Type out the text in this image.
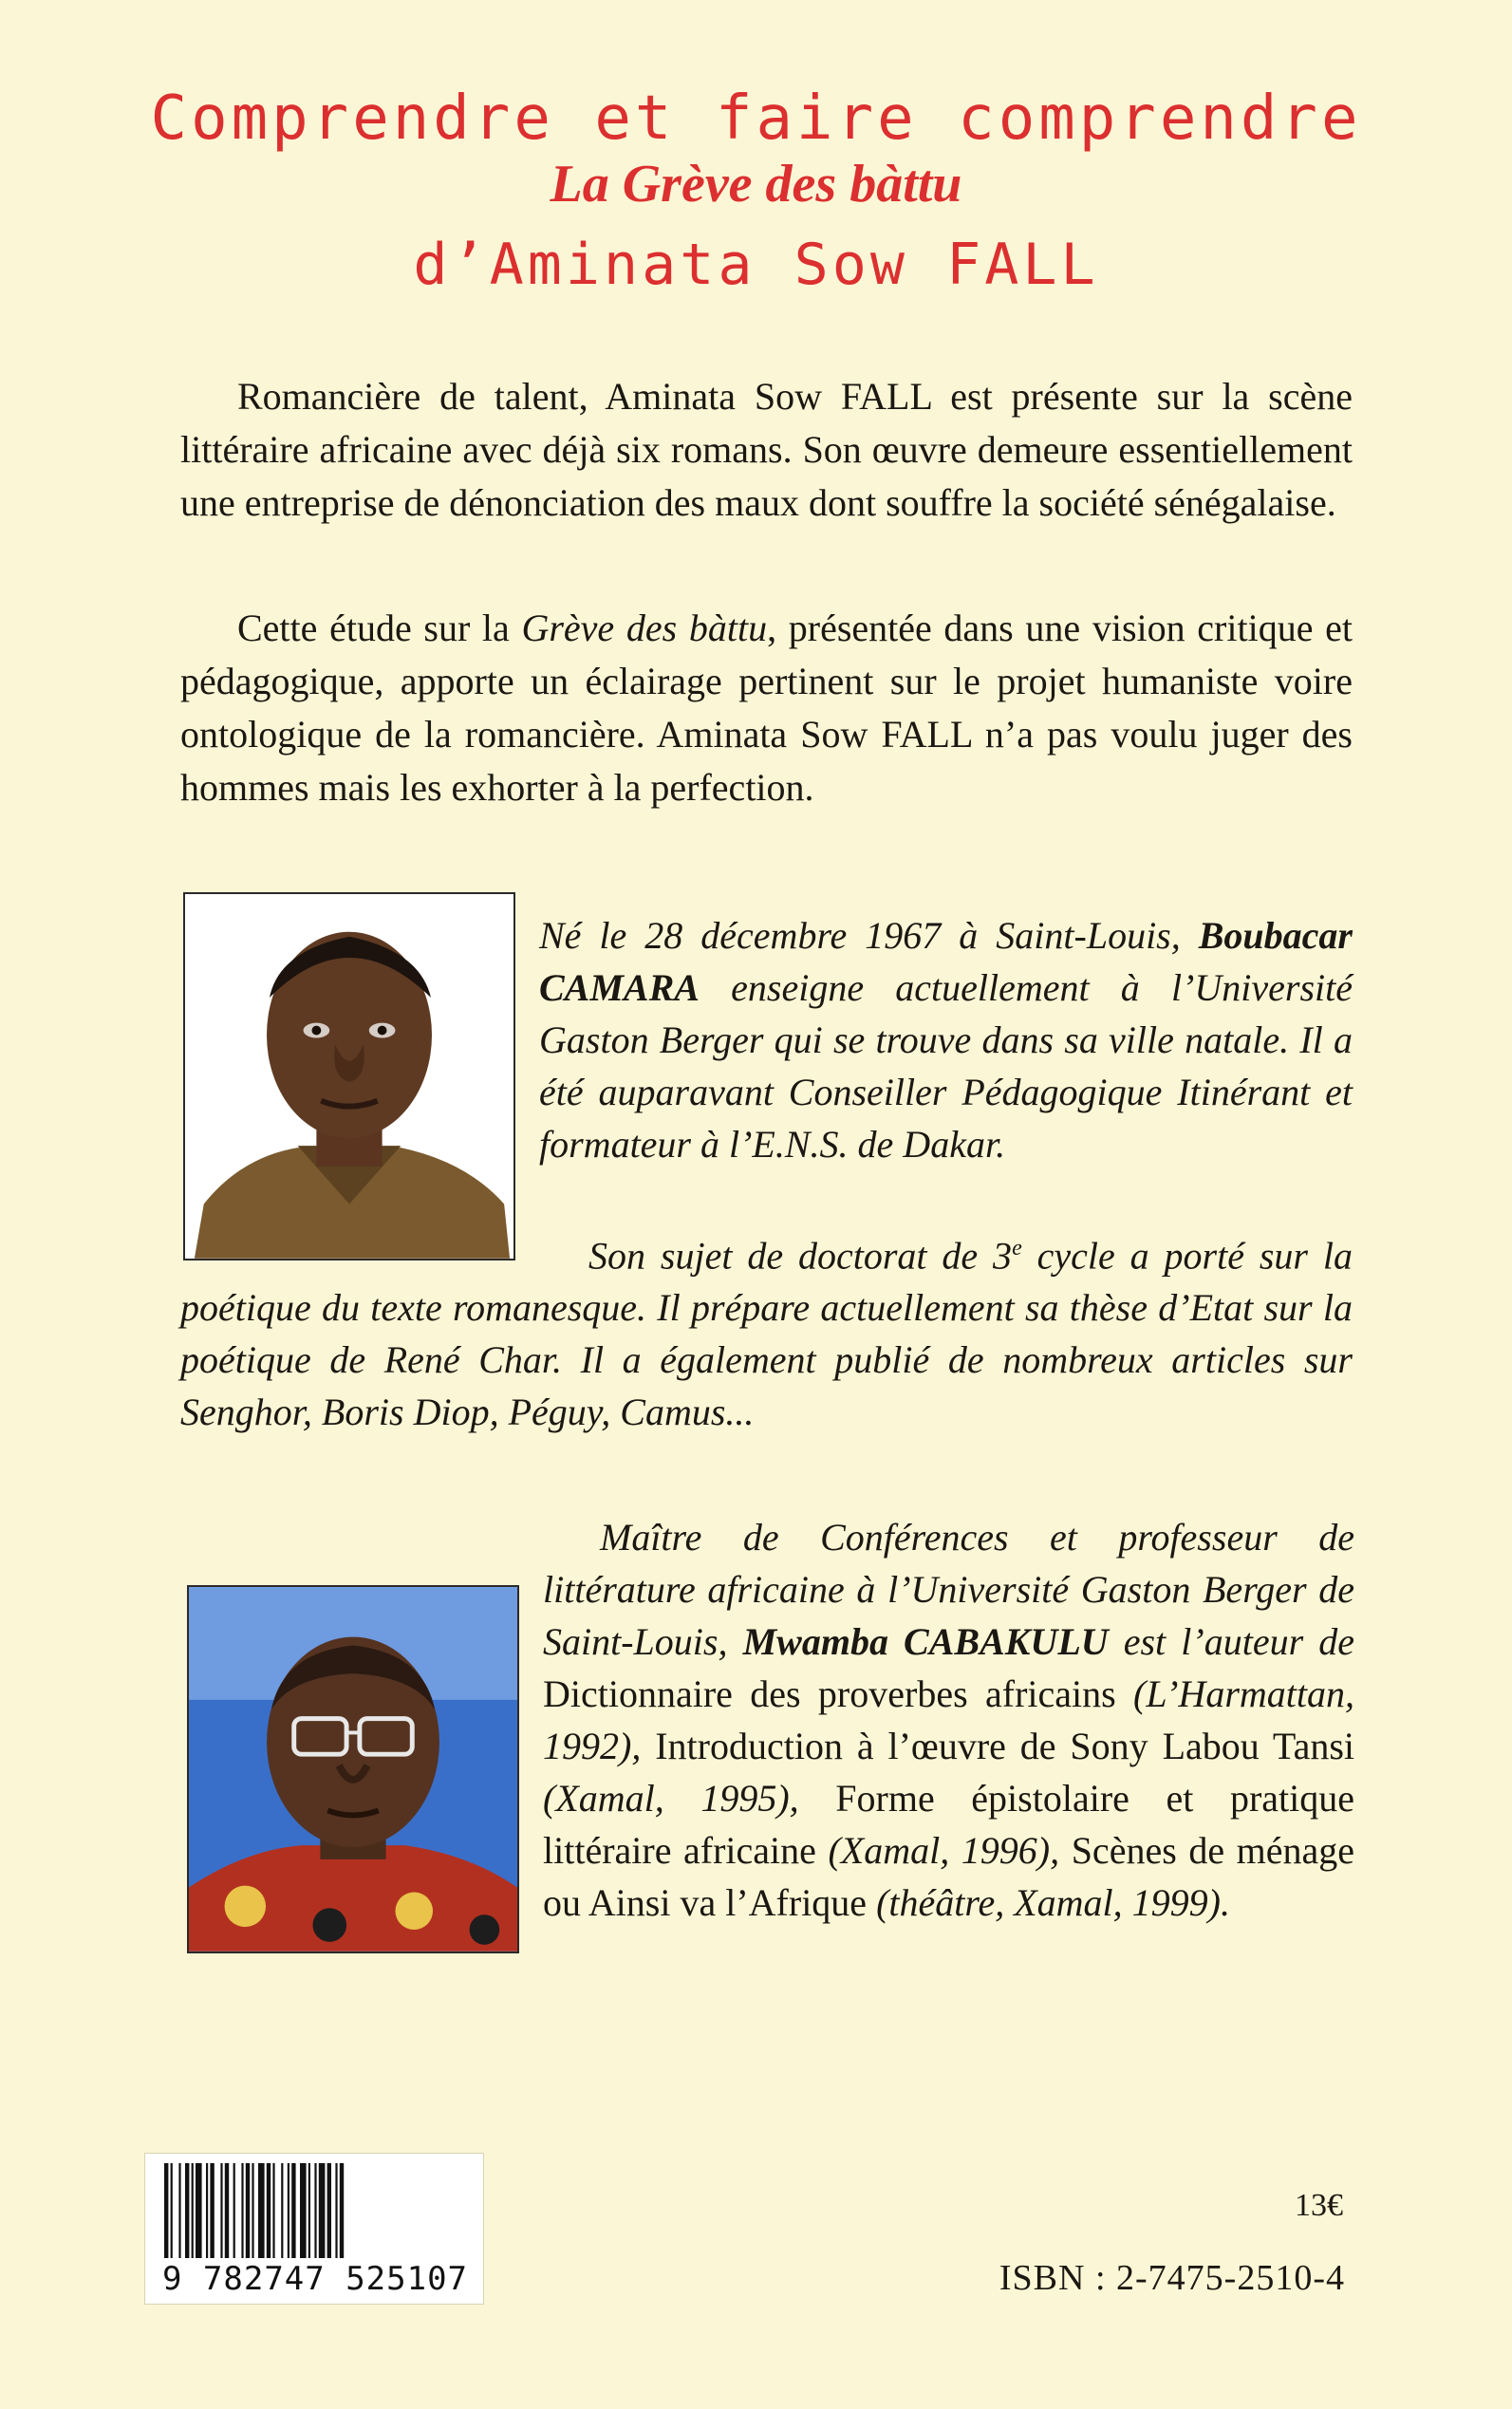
Comprendre et faire comprendre
La Grève des bàttu
d’Aminata Sow FALL

Romancière de talent, Aminata Sow FALL est présente sur la scène littéraire africaine avec déjà six romans. Son œuvre demeure essentiellement une entreprise de dénonciation des maux dont souffre la société sénégalaise.

Cette étude sur la Grève des bàttu, présentée dans une vision critique et pédagogique, apporte un éclairage pertinent sur le projet humaniste voire ontologique de la romancière. Aminata Sow FALL n’a pas voulu juger des hommes mais les exhorter à la perfection.

Né le 28 décembre 1967 à Saint-Louis, Boubacar CAMARA enseigne actuellement à l’Université Gaston Berger qui se trouve dans sa ville natale. Il a été auparavant Conseiller Pédagogique Itinérant et formateur à l’E.N.S. de Dakar.

Son sujet de doctorat de 3e cycle a porté sur la poétique du texte romanesque. Il prépare actuellement sa thèse d’Etat sur la poétique de René Char. Il a également publié de nombreux articles sur Senghor, Boris Diop, Péguy, Camus...

Maître de Conférences et professeur de littérature africaine à l’Université Gaston Berger de Saint-Louis, Mwamba CABAKULU est l’auteur de Dictionnaire des proverbes africains (L’Harmattan, 1992), Introduction à l’œuvre de Sony Labou Tansi (Xamal, 1995), Forme épistolaire et pratique littéraire africaine (Xamal, 1996), Scènes de ménage ou Ainsi va l’Afrique (théâtre, Xamal, 1999).

9 782747 525107
13€
ISBN : 2-7475-2510-4
